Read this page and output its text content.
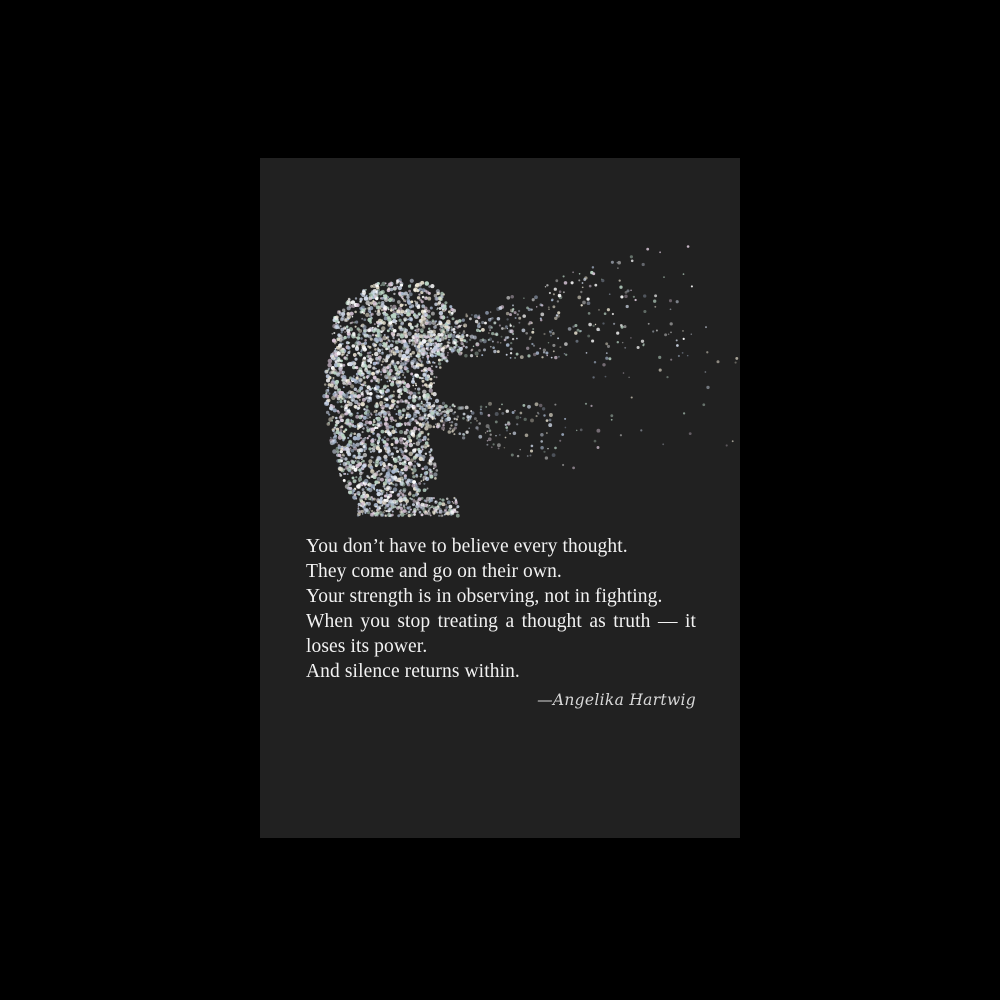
You don’t have to believe every thought.

They come and go on their own.

Your strength is in observing, not in fighting.

When you stop treating a thought as truth — it loses its power.

And silence returns within.

—Angelika Hartwig
